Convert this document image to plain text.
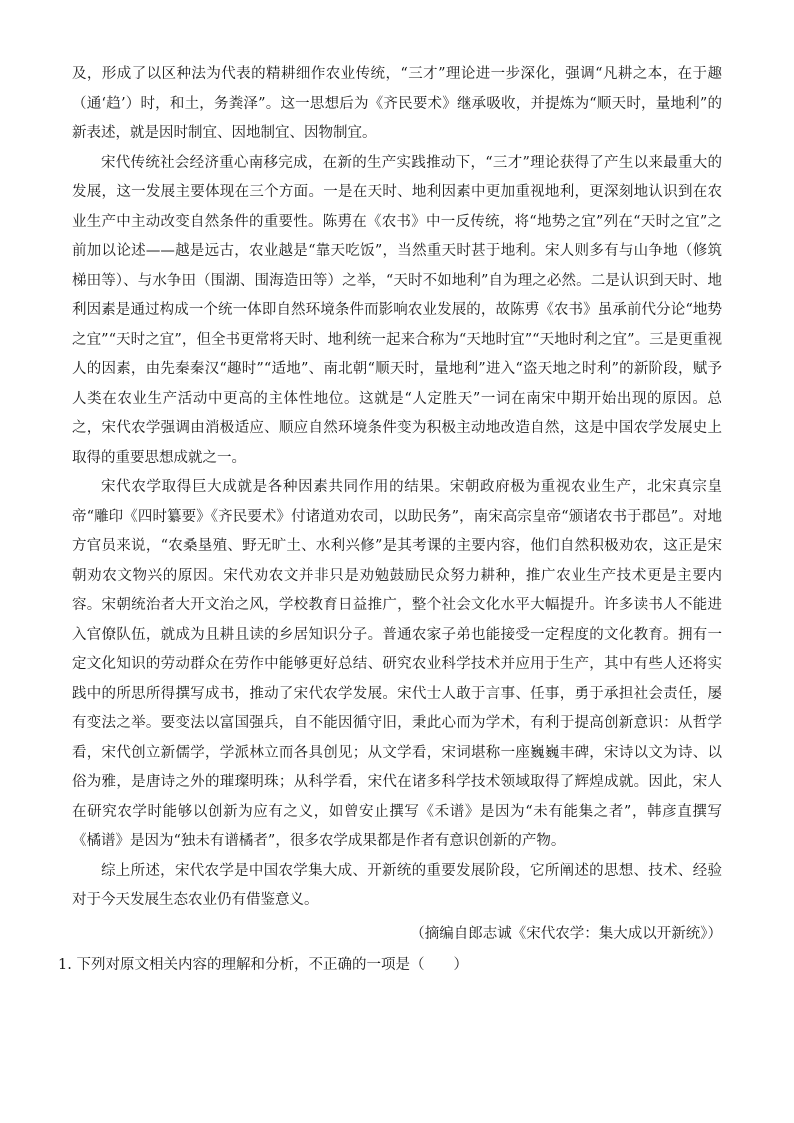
及，形成了以区种法为代表的精耕细作农业传统，“三才”理论进一步深化，强调“凡耕之本，在于趣（通‘趋’）时，和土，务粪泽”。这一思想后为《齐民要术》继承吸收，并提炼为“顺天时，量地利”的新表述，就是因时制宜、因地制宜、因物制宜。

宋代传统社会经济重心南移完成，在新的生产实践推动下，“三才”理论获得了产生以来最重大的发展，这一发展主要体现在三个方面。一是在天时、地利因素中更加重视地利，更深刻地认识到在农业生产中主动改变自然条件的重要性。陈旉在《农书》中一反传统，将“地势之宜”列在“天时之宜”之前加以论述——越是远古，农业越是“靠天吃饭”，当然重天时甚于地利。宋人则多有与山争地（修筑梯田等）、与水争田（围湖、围海造田等）之举，“天时不如地利”自为理之必然。二是认识到天时、地利因素是通过构成一个统一体即自然环境条件而影响农业发展的，故陈旉《农书》虽承前代分论“地势之宜”“天时之宜”，但全书更常将天时、地利统一起来合称为“天地时宜”“天地时利之宜”。三是更重视人的因素，由先秦秦汉“趣时”“适地”、南北朝“顺天时，量地利”进入“盗天地之时利”的新阶段，赋予人类在农业生产活动中更高的主体性地位。这就是“人定胜天”一词在南宋中期开始出现的原因。总之，宋代农学强调由消极适应、顺应自然环境条件变为积极主动地改造自然，这是中国农学发展史上取得的重要思想成就之一。

宋代农学取得巨大成就是各种因素共同作用的结果。宋朝政府极为重视农业生产，北宋真宗皇帝“雕印《四时纂要》《齐民要术》付诸道劝农司，以助民务”，南宋高宗皇帝“颁诸农书于郡邑”。对地方官员来说，“农桑垦殖、野无旷土、水利兴修”是其考课的主要内容，他们自然积极劝农，这正是宋朝劝农文物兴的原因。宋代劝农文并非只是劝勉鼓励民众努力耕种，推广农业生产技术更是主要内容。宋朝统治者大开文治之风，学校教育日益推广，整个社会文化水平大幅提升。许多读书人不能进入官僚队伍，就成为且耕且读的乡居知识分子。普通农家子弟也能接受一定程度的文化教育。拥有一定文化知识的劳动群众在劳作中能够更好总结、研究农业科学技术并应用于生产，其中有些人还将实践中的所思所得撰写成书，推动了宋代农学发展。宋代士人敢于言事、任事，勇于承担社会责任，屡有变法之举。要变法以富国强兵，自不能因循守旧，秉此心而为学术，有利于提高创新意识：从哲学看，宋代创立新儒学，学派林立而各具创见；从文学看，宋词堪称一座巍巍丰碑，宋诗以文为诗、以俗为雅，是唐诗之外的璀璨明珠；从科学看，宋代在诸多科学技术领域取得了辉煌成就。因此，宋人在研究农学时能够以创新为应有之义，如曾安止撰写《禾谱》是因为“未有能集之者”，韩彦直撰写《橘谱》是因为“独未有谱橘者”，很多农学成果都是作者有意识创新的产物。

综上所述，宋代农学是中国农学集大成、开新统的重要发展阶段，它所阐述的思想、技术、经验对于今天发展生态农业仍有借鉴意义。

（摘编自郎志诚《宋代农学：集大成以开新统》）

1. 下列对原文相关内容的理解和分析，不正确的一项是（　　）
